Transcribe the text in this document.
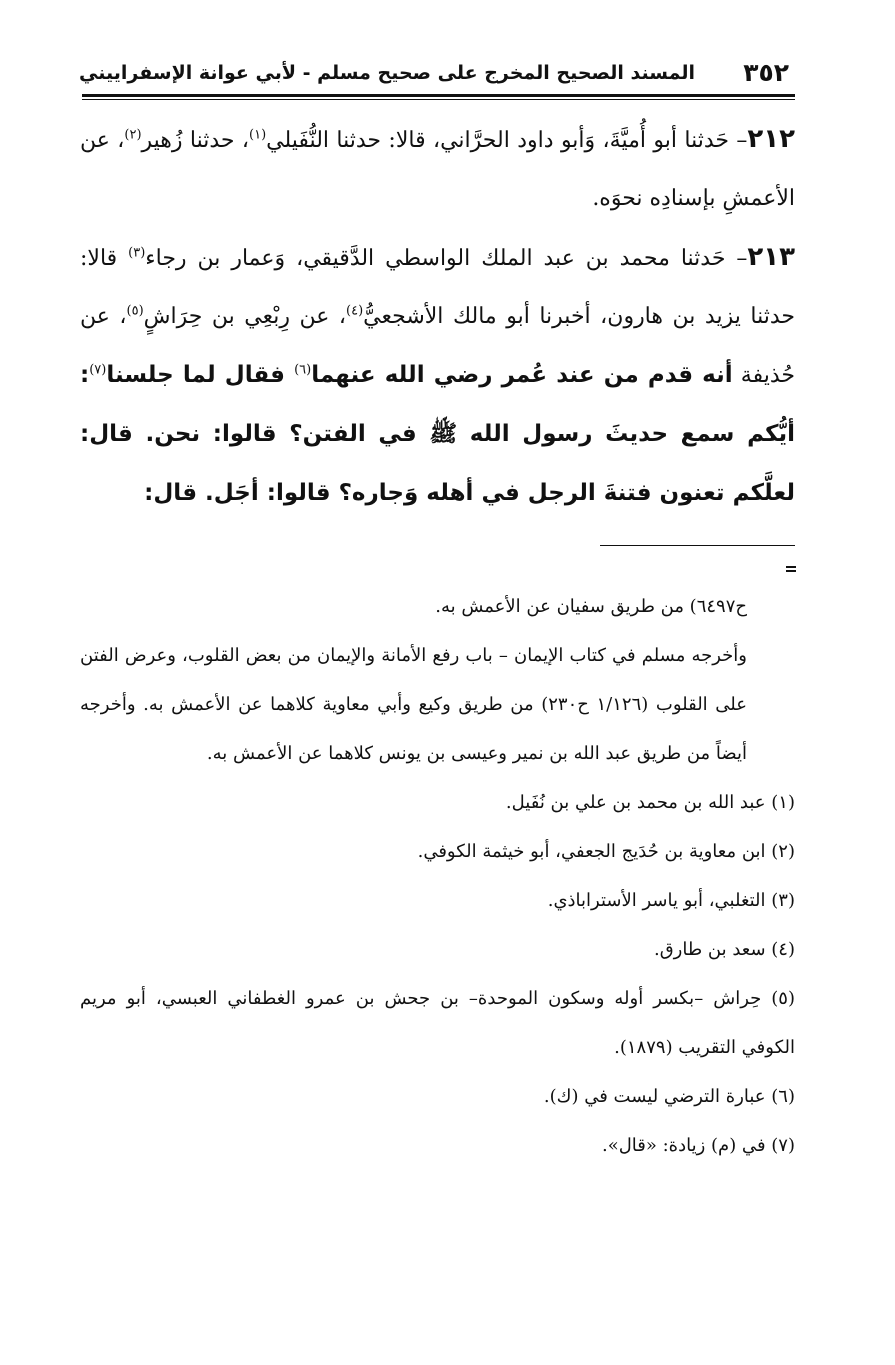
٣٥٢
المسند الصحيح المخرج على صحيح مسلم - لأبي عوانة الإسفراييني

٢١٢– حَدثنا أبو أُميَّةَ، وَأبو داود الحرَّاني، قالا: حدثنا النُّفَيلي$^{(١)}$، حدثنا زُهير$^{(٢)}$، عن الأعمشِ بإسنادِه نحوَه.

٢١٣– حَدثنا محمد بن عبد الملك الواسطي الدَّقيقي، وَعمار بن رجاء$^{(٣)}$ قالا: حدثنا يزيد بن هارون، أخبرنا أبو مالك الأشجعيُّ$^{(٤)}$، عن رِبْعِي بن حِرَاشٍ$^{(٥)}$، عن حُذيفة أنه قدم من عند عُمر رضي الله عنهما$^{(٦)}$ فقال لما جلسنا$^{(٧)}$: أيُّكم سمع حديثَ رسول الله ﷺ في الفتن؟ قالوا: نحن. قال: لعلَّكم تعنون فتنةَ الرجل في أهله وَجاره؟ قالوا: أجَل. قال:

ح٦٤٩٧) من طريق سفيان عن الأعمش به.

وأخرجه مسلم في كتاب الإيمان – باب رفع الأمانة والإيمان من بعض القلوب، وعرض الفتن على القلوب (١/١٢٦ ح٢٣٠) من طريق وكيع وأبي معاوية كلاهما عن الأعمش به. وأخرجه أيضاً من طريق عبد الله بن نمير وعيسى بن يونس كلاهما عن الأعمش به.

(١) عبد الله بن محمد بن علي بن نُفَيل.

(٢) ابن معاوية بن حُدَيج الجعفي، أبو خيثمة الكوفي.

(٣) التغلبي، أبو ياسر الأستراباذي.

(٤) سعد بن طارق.

(٥) حِراش –بكسر أوله وسكون الموحدة– بن جحش بن عمرو الغطفاني العبسي، أبو مريم الكوفي التقريب (١٨٧٩).

(٦) عبارة الترضي ليست في (ك).

(٧) في (م) زيادة: «قال».
